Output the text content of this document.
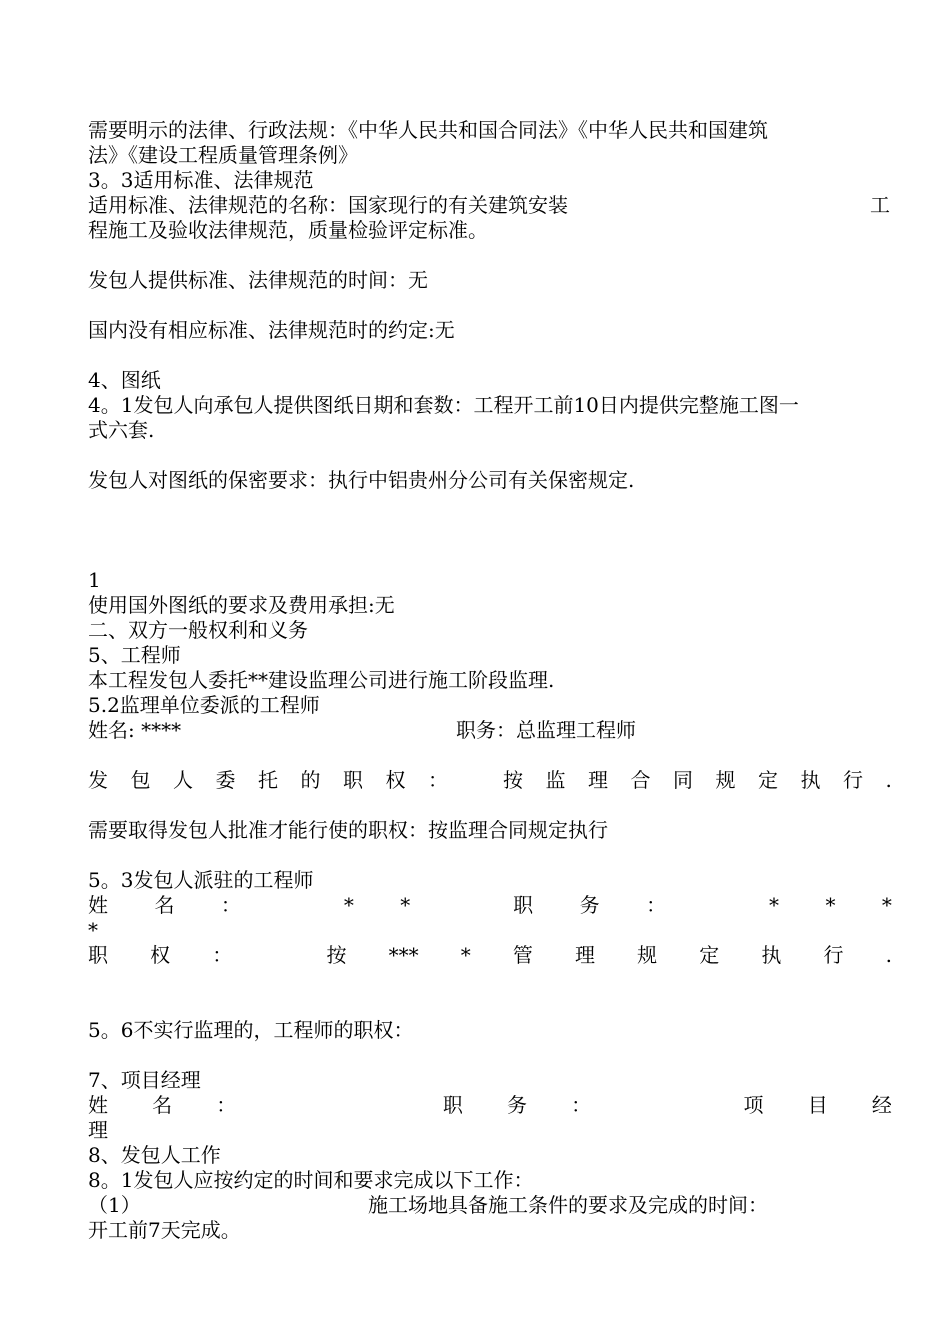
需要明示的法律、行政法规：《中华人民共和国合同法》《中华人民共和国建筑
法》《建设工程质量管理条例》
3。3适用标准、法律规范
适用标准、法律规范的名称：国家现行的有关建筑安装	工
程施工及验收法律规范，质量检验评定标准。
发包人提供标准、法律规范的时间：无
国内没有相应标准、法律规范时的约定:无
4、图纸
4。1发包人向承包人提供图纸日期和套数：工程开工前10日内提供完整施工图一
式六套.
发包人对图纸的保密要求：执行中铝贵州分公司有关保密规定.
1
使用国外图纸的要求及费用承担:无
二、双方一般权利和义务
5、工程师
本工程发包人委托**建设监理公司进行施工阶段监理.
5.2监理单位委派的工程师
姓名: ****	职务：总监理工程师
发 包 人 委 托 的 职 权 ：	按 监 理 合 同 规 定 执 行 .
需要取得发包人批准才能行使的职权：按监理合同规定执行
5。3发包人派驻的工程师
姓 名 ：	* *	职 务 ：	* * *
*
职 权 ：	按 *** * 管 理 规 定 执 行 .
5。6不实行监理的，工程师的职权：
7、项目经理
姓 名 ：	职 务 ：	项 目 经
理
8、发包人工作
8。1发包人应按约定的时间和要求完成以下工作：
（1）	施工场地具备施工条件的要求及完成的时间：
开工前7天完成。
